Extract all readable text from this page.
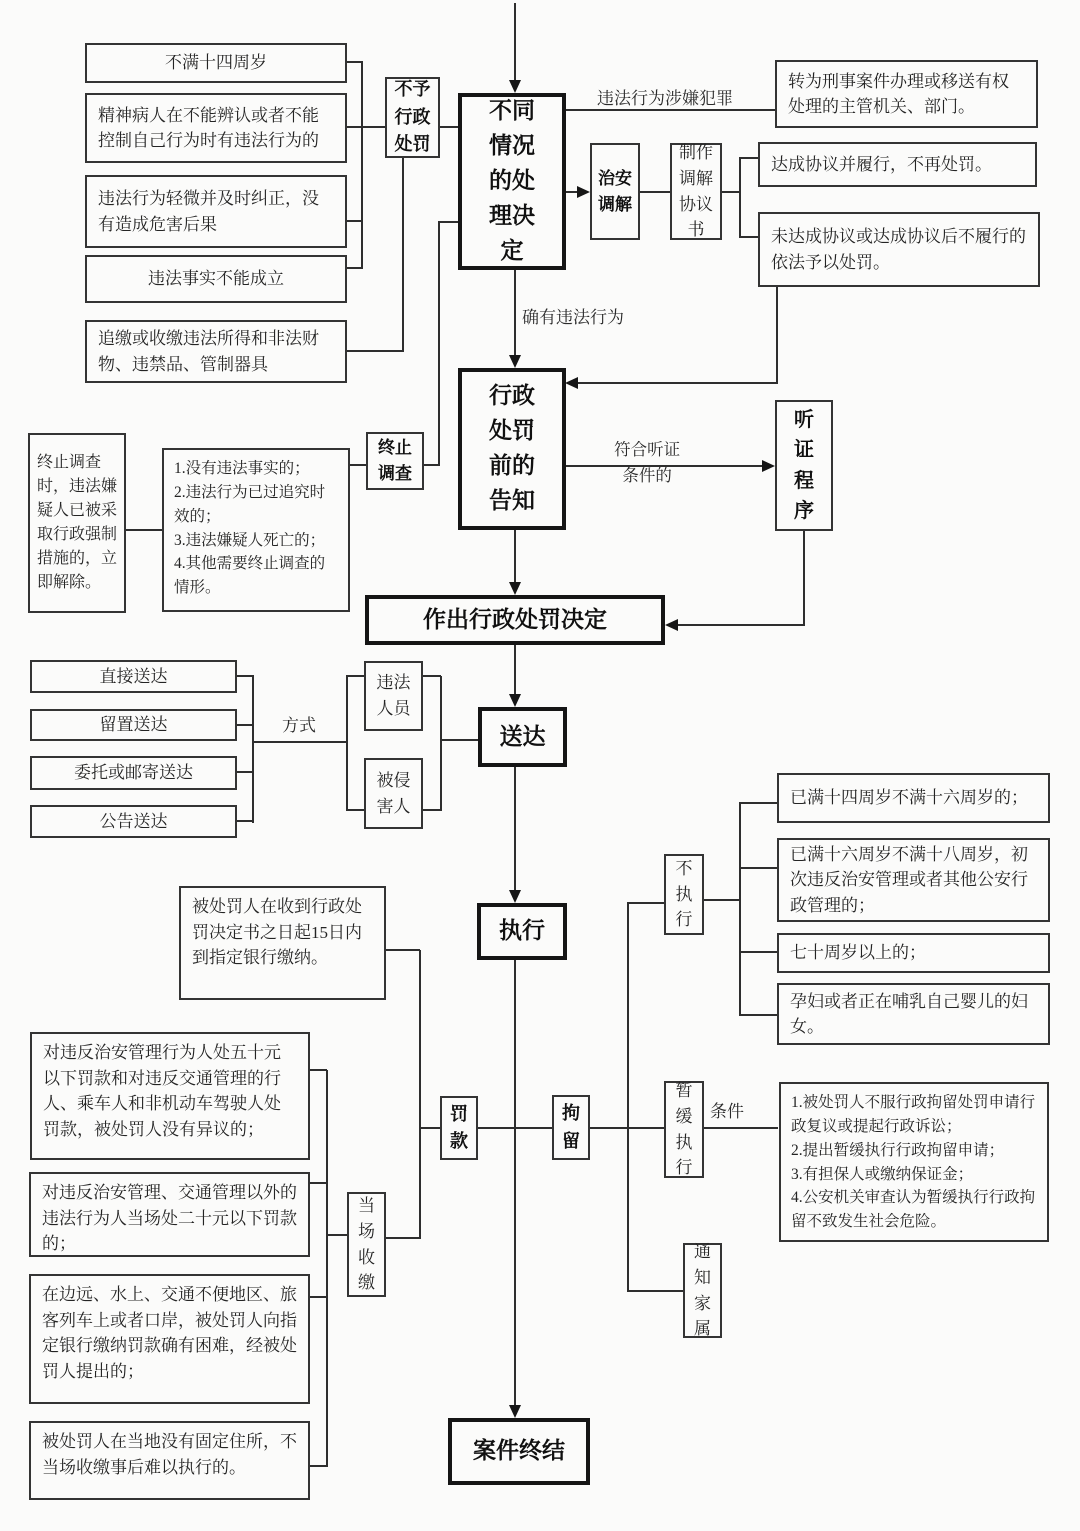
不满十四周岁
精神病人在不能辨认或者不能控制自己行为时有违法行为的
违法行为轻微并及时纠正，没有造成危害后果
违法事实不能成立
追缴或收缴违法所得和非法财物、违禁品、管制器具
不予行政处罚
不同情况的处理决定
转为刑事案件办理或移送有权处理的主管机关、部门。
治安调解
制作调解协议书
达成协议并履行，不再处罚。
未达成协议或达成协议后不履行的依法予以处罚。
行政处罚前的告知
终止调查
终止调查时，违法嫌疑人已被采取行政强制措施的，立即解除。
1.没有违法事实的；
2.违法行为已过追究时效的；
3.违法嫌疑人死亡的；
4.其他需要终止调查的情形。
听证程序
作出行政处罚决定
直接送达
留置送达
委托或邮寄送达
公告送达
违法人员
被侵害人
送达
执行
被处罚人在收到行政处罚决定书之日起15日内到指定银行缴纳。
罚款
拘留
不执行
已满十四周岁不满十六周岁的；
已满十六周岁不满十八周岁，初次违反治安管理或者其他公安行政管理的；
七十周岁以上的；
孕妇或者正在哺乳自己婴儿的妇女。
暂缓执行
1.被处罚人不服行政拘留处罚申请行政复议或提起行政诉讼；
2.提出暂缓执行行政拘留申请；
3.有担保人或缴纳保证金；
4.公安机关审查认为暂缓执行行政拘留不致发生社会危险。
通知家属
对违反治安管理行为人处五十元以下罚款和对违反交通管理的行人、乘车人和非机动车驾驶人处罚款，被处罚人没有异议的；
对违反治安管理、交通管理以外的违法行为人当场处二十元以下罚款的；
在边远、水上、交通不便地区、旅客列车上或者口岸，被处罚人向指定银行缴纳罚款确有困难，经被处罚人提出的；
被处罚人在当地没有固定住所，不当场收缴事后难以执行的。
当场收缴
案件终结
违法行为涉嫌犯罪
确有违法行为
符合听证条件的
方式
条件
